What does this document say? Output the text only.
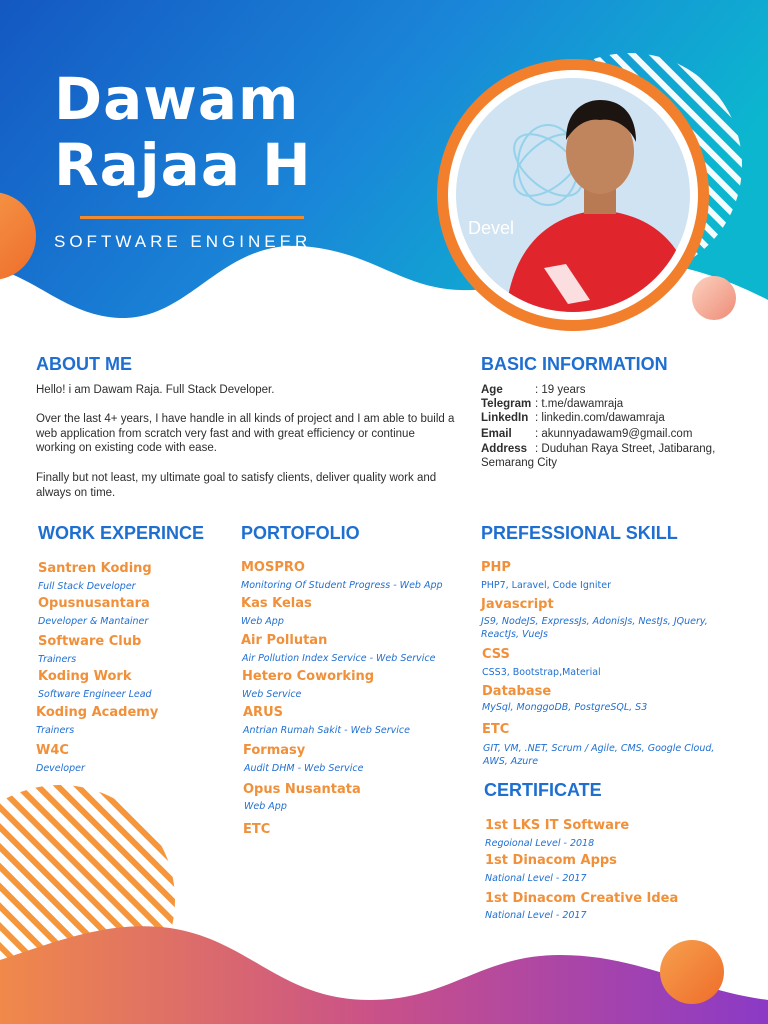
Dawam
Rajaa H
SOFTWARE ENGINEER
Devel
ABOUT ME
Hello! i am Dawam Raja. Full Stack Developer.
Over the last 4+ years, I have handle in all kinds of project and I am able to build a web application from scratch very fast and with great efficiency or continue working on existing code with ease.
Finally but not least, my ultimate goal to satisfy clients, deliver quality work and always on time.
BASIC INFORMATION
Age	: 19 years
Telegram : t.me/dawamraja
LinkedIn : linkedin.com/dawamraja
Email : akunnyadawam9@gmail.com
Address : Duduhan Raya Street, Jatibarang, Semarang City
WORK EXPERINCE
Santren Koding
Full Stack Developer
Opusnusantara
Developer & Mantainer
Software Club
Trainers
Koding Work
Software Engineer Lead
Koding Academy
Trainers
W4C
Developer
PORTOFOLIO
MOSPRO
Monitoring Of Student Progress - Web App
Kas Kelas
Web App
Air Pollutan
Air Pollution Index Service - Web Service
Hetero Coworking
Web Service
ARUS
Antrian Rumah Sakit - Web Service
Formasy
Audit DHM - Web Service
Opus Nusantata
Web App
ETC
PREFESSIONAL SKILL
PHP
PHP7, Laravel, Code Igniter
Javascript
JS9, NodeJS, ExpressJs, AdonisJs, NestJs, JQuery, ReactJs, VueJs
CSS
CSS3, Bootstrap,Material
Database
MySql, MonggoDB, PostgreSQL, S3
ETC
GIT, VM, .NET, Scrum / Agile, CMS, Google Cloud, AWS, Azure
CERTIFICATE
1st LKS IT Software
Regoional Level - 2018
1st Dinacom Apps
National Level - 2017
1st Dinacom Creative Idea
National Level - 2017
